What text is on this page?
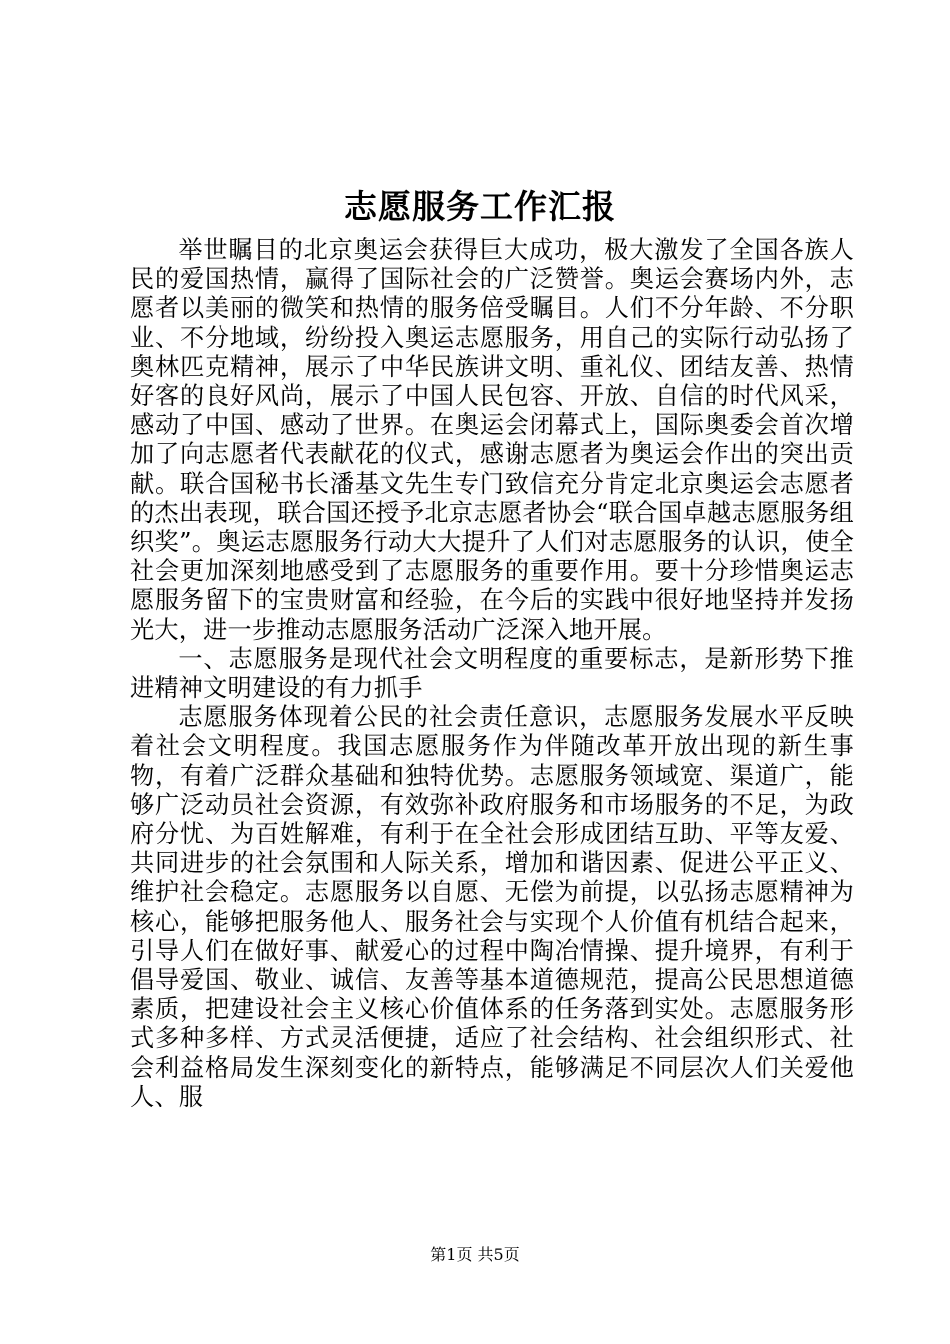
志愿服务工作汇报

举世瞩目的北京奥运会获得巨大成功，极大激发了全国各族人民的爱国热情，赢得了国际社会的广泛赞誉。奥运会赛场内外，志愿者以美丽的微笑和热情的服务倍受瞩目。人们不分年龄、不分职业、不分地域，纷纷投入奥运志愿服务，用自己的实际行动弘扬了奥林匹克精神，展示了中华民族讲文明、重礼仪、团结友善、热情好客的良好风尚，展示了中国人民包容、开放、自信的时代风采，感动了中国、感动了世界。在奥运会闭幕式上，国际奥委会首次增加了向志愿者代表献花的仪式，感谢志愿者为奥运会作出的突出贡献。联合国秘书长潘基文先生专门致信充分肯定北京奥运会志愿者的杰出表现，联合国还授予北京志愿者协会“联合国卓越志愿服务组织奖”。奥运志愿服务行动大大提升了人们对志愿服务的认识，使全社会更加深刻地感受到了志愿服务的重要作用。要十分珍惜奥运志愿服务留下的宝贵财富和经验，在今后的实践中很好地坚持并发扬光大，进一步推动志愿服务活动广泛深入地开展。

一、志愿服务是现代社会文明程度的重要标志，是新形势下推进精神文明建设的有力抓手

志愿服务体现着公民的社会责任意识，志愿服务发展水平反映着社会文明程度。我国志愿服务作为伴随改革开放出现的新生事物，有着广泛群众基础和独特优势。志愿服务领域宽、渠道广，能够广泛动员社会资源，有效弥补政府服务和市场服务的不足，为政府分忧、为百姓解难，有利于在全社会形成团结互助、平等友爱、共同进步的社会氛围和人际关系，增加和谐因素、促进公平正义、维护社会稳定。志愿服务以自愿、无偿为前提，以弘扬志愿精神为核心，能够把服务他人、服务社会与实现个人价值有机结合起来，引导人们在做好事、献爱心的过程中陶冶情操、提升境界，有利于倡导爱国、敬业、诚信、友善等基本道德规范，提高公民思想道德素质，把建设社会主义核心价值体系的任务落到实处。志愿服务形式多种多样、方式灵活便捷，适应了社会结构、社会组织形式、社会利益格局发生深刻变化的新特点，能够满足不同层次人们关爱他人、服

第1页 共5页
